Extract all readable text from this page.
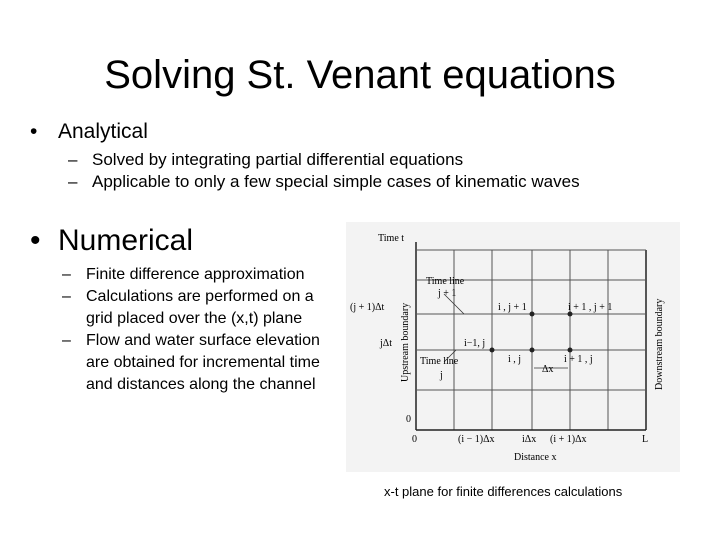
Solving St. Venant equations
• Analytical
– Solved by integrating partial differential equations
– Applicable to only a few special simple cases of kinematic waves
• Numerical
– Finite difference approximation
– Calculations are performed on a grid placed over the (x,t) plane
– Flow and water surface elevation are obtained for incremental time and distances along the channel
Time t
Time line
j + 1
Time line
j
(j + 1)Δt
jΔt
0
Upstream boundary	Downstream boundary
i , j + 1	i + 1 , j + 1
i−1, j
i , j	i + 1 , j
Δx
0	(i − 1)Δx	iΔx (i + 1)Δx	L
Distance x
x-t plane for finite differences calculations
